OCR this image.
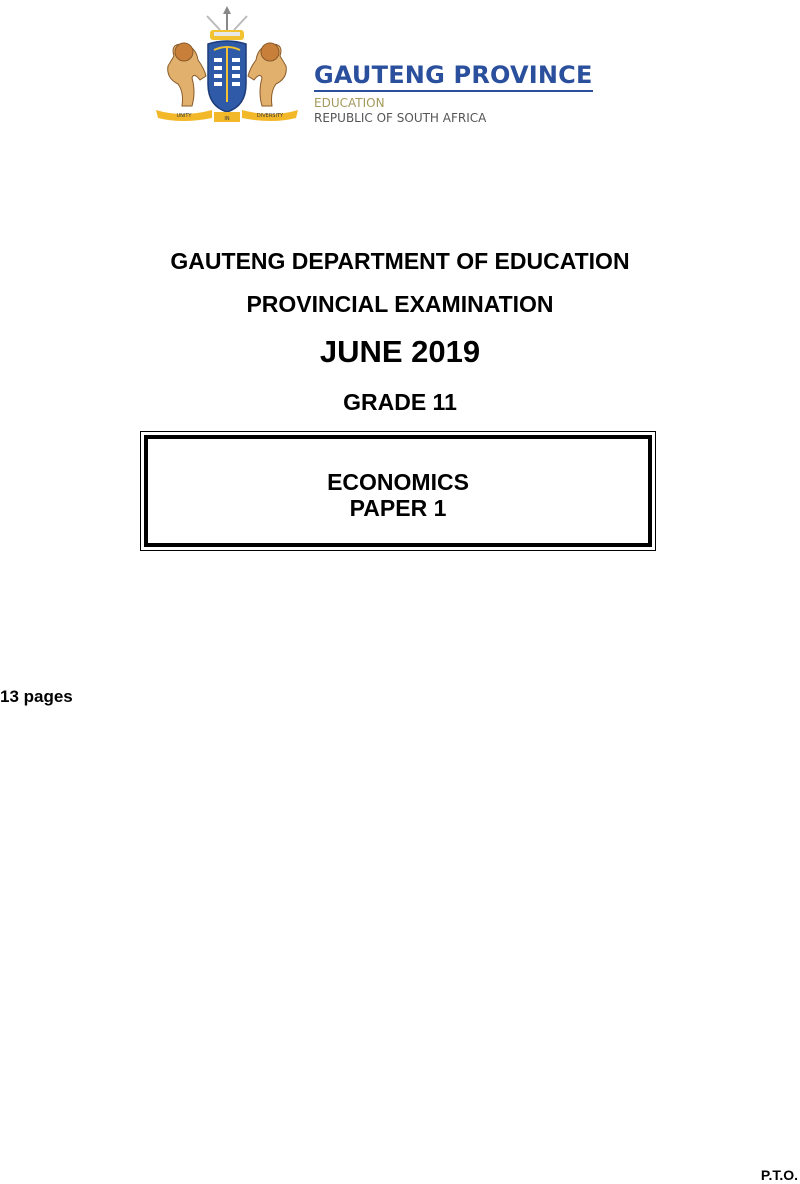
UNITY	IN	DIVERSITY
GAUTENG PROVINCE
EDUCATION
REPUBLIC OF SOUTH AFRICA
GAUTENG DEPARTMENT OF EDUCATION
PROVINCIAL EXAMINATION
JUNE 2019
GRADE 11
ECONOMICS
PAPER 1
13 pages
P.T.O.
